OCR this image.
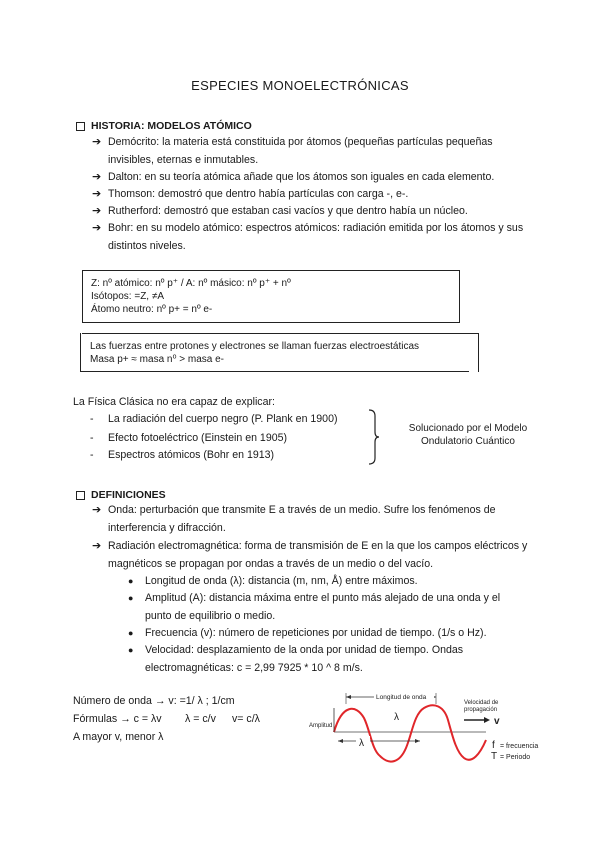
ESPECIES MONOELECTRÓNICAS
HISTORIA: MODELOS ATÓMICO
➔ Demócrito: la materia está constituida por átomos (pequeñas partículas pequeñas invisibles, eternas e inmutables.
➔ Dalton: en su teoría atómica añade que los átomos son iguales en cada elemento.
➔ Thomson: demostró que dentro había partículas con carga -, e-.
➔ Rutherford: demostró que estaban casi vacíos y que dentro había un núcleo.
➔ Bohr: en su modelo atómico: espectros atómicos: radiación emitida por los átomos y sus distintos niveles.
Z: nº atómico: nº p⁺ / A: nº másico: nº p⁺ + nº
Isótopos: =Z, ≠A
Átomo neutro: nº p+ = nº e-
Las fuerzas entre protones y electrones se llaman fuerzas electroestáticas
Masa p+ ≈ masa n⁰ > masa e-
La Física Clásica no era capaz de explicar:
-	La radiación del cuerpo negro (P. Plank en 1900)
-	Efecto fotoeléctrico (Einstein en 1905)
-	Espectros atómicos (Bohr en 1913)
Solucionado por el Modelo
Ondulatorio Cuántico
DEFINICIONES
➔ Onda: perturbación que transmite E a través de un medio. Sufre los fenómenos de interferencia y difracción.
➔ Radiación electromagnética: forma de transmisión de E en la que los campos eléctricos y magnéticos se propagan por ondas a través de un medio o del vacío.
●	Longitud de onda (λ): distancia (m, nm, Å) entre máximos.
●	Amplitud (A): distancia máxima entre el punto más alejado de una onda y el punto de equilibrio o medio.
●	Frecuencia (v): número de repeticiones por unidad de tiempo. (1/s o Hz).
●	Velocidad: desplazamiento de la onda por unidad de tiempo. Ondas electromagnéticas: c = 2,99 7925 * 10 ^ 8 m/s.
Número de onda → v: =1/ λ ; 1/cm
Fórmulas → c = λv λ = c/v v= c/λ
A mayor v, menor λ
Longitud de onda
λ
Amplitud
λ
Velocidad de
propagación
v
f = frecuencia
T = Periodo
